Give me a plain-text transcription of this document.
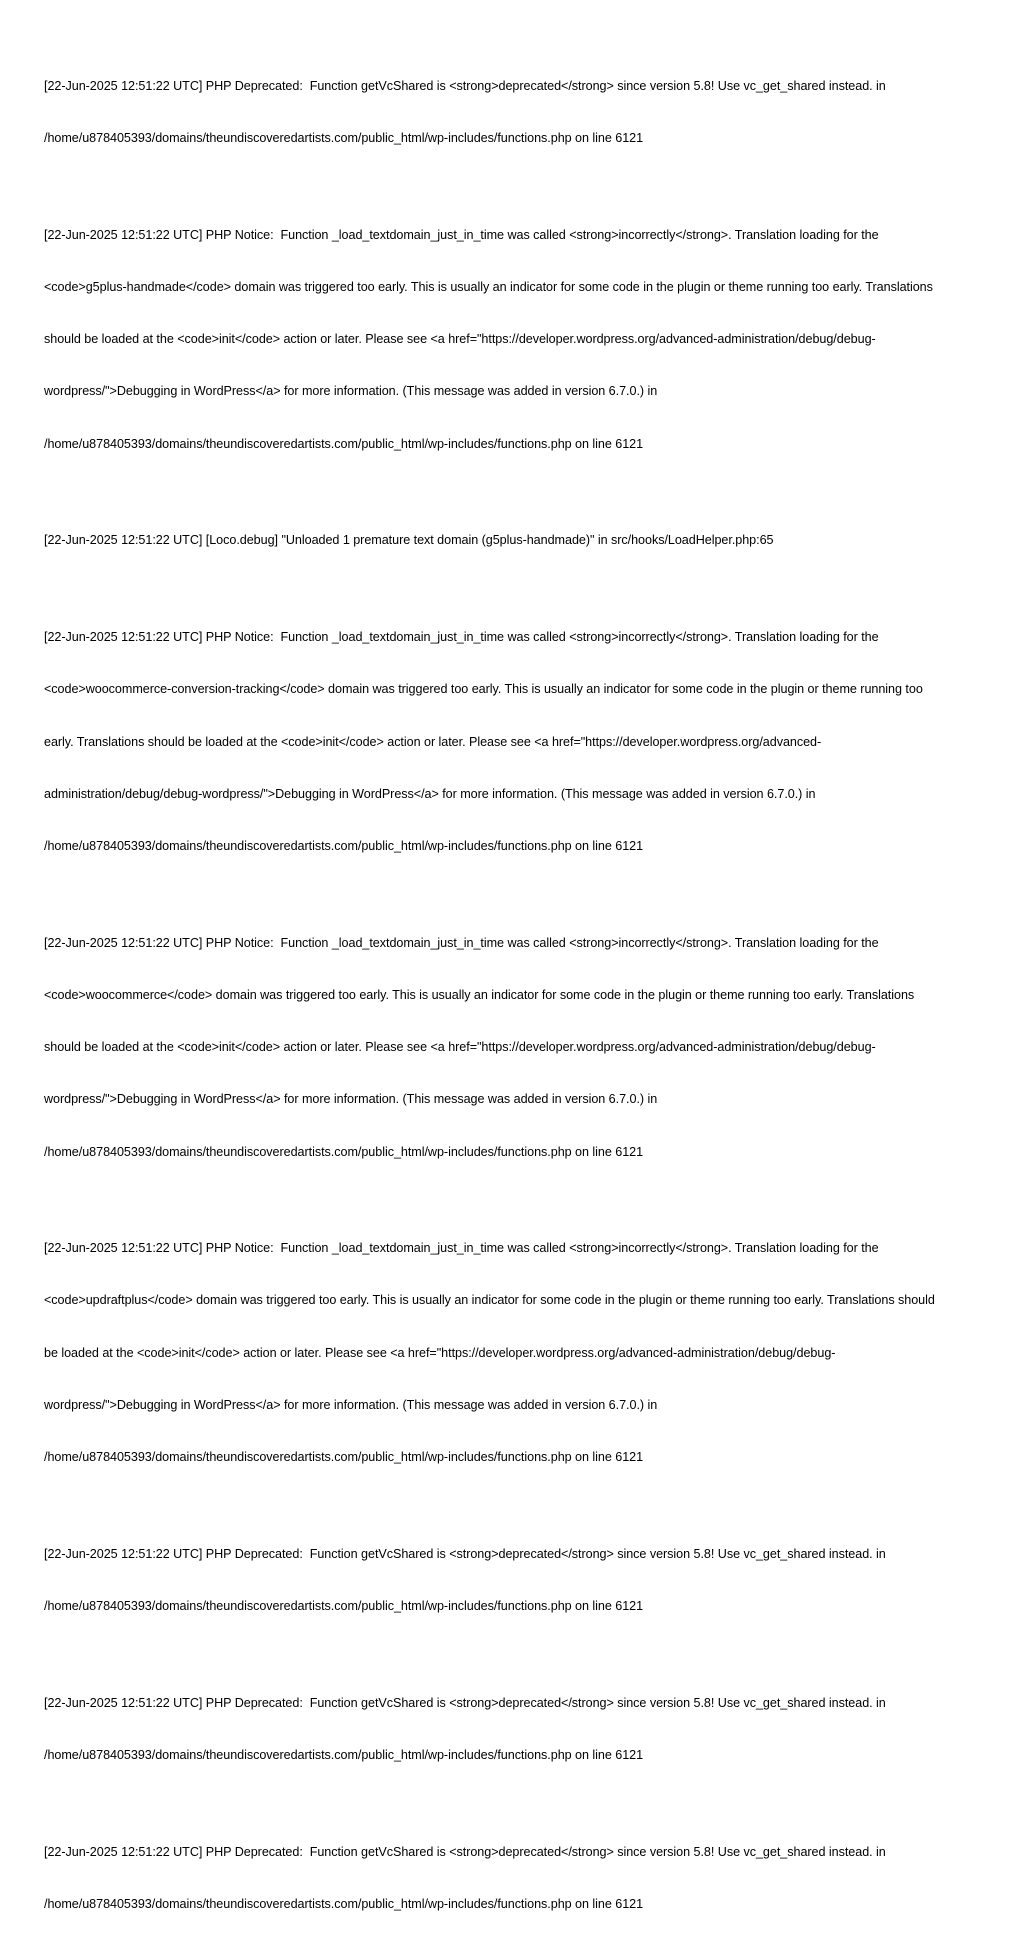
[22-Jun-2025 12:51:22 UTC] PHP Deprecated:  Function getVcShared is <strong>deprecated</strong> since version 5.8! Use vc_get_shared instead. in

/home/u878405393/domains/theundiscoveredartists.com/public_html/wp-includes/functions.php on line 6121

[22-Jun-2025 12:51:22 UTC] PHP Notice:  Function _load_textdomain_just_in_time was called <strong>incorrectly</strong>. Translation loading for the

<code>g5plus-handmade</code> domain was triggered too early. This is usually an indicator for some code in the plugin or theme running too early. Translations

should be loaded at the <code>init</code> action or later. Please see <a href="https://developer.wordpress.org/advanced-administration/debug/debug-

wordpress/">Debugging in WordPress</a> for more information. (This message was added in version 6.7.0.) in

/home/u878405393/domains/theundiscoveredartists.com/public_html/wp-includes/functions.php on line 6121

[22-Jun-2025 12:51:22 UTC] [Loco.debug] "Unloaded 1 premature text domain (g5plus-handmade)" in src/hooks/LoadHelper.php:65

[22-Jun-2025 12:51:22 UTC] PHP Notice:  Function _load_textdomain_just_in_time was called <strong>incorrectly</strong>. Translation loading for the

<code>woocommerce-conversion-tracking</code> domain was triggered too early. This is usually an indicator for some code in the plugin or theme running too

early. Translations should be loaded at the <code>init</code> action or later. Please see <a href="https://developer.wordpress.org/advanced-

administration/debug/debug-wordpress/">Debugging in WordPress</a> for more information. (This message was added in version 6.7.0.) in

/home/u878405393/domains/theundiscoveredartists.com/public_html/wp-includes/functions.php on line 6121

[22-Jun-2025 12:51:22 UTC] PHP Notice:  Function _load_textdomain_just_in_time was called <strong>incorrectly</strong>. Translation loading for the

<code>woocommerce</code> domain was triggered too early. This is usually an indicator for some code in the plugin or theme running too early. Translations

should be loaded at the <code>init</code> action or later. Please see <a href="https://developer.wordpress.org/advanced-administration/debug/debug-

wordpress/">Debugging in WordPress</a> for more information. (This message was added in version 6.7.0.) in

/home/u878405393/domains/theundiscoveredartists.com/public_html/wp-includes/functions.php on line 6121

[22-Jun-2025 12:51:22 UTC] PHP Notice:  Function _load_textdomain_just_in_time was called <strong>incorrectly</strong>. Translation loading for the

<code>updraftplus</code> domain was triggered too early. This is usually an indicator for some code in the plugin or theme running too early. Translations should

be loaded at the <code>init</code> action or later. Please see <a href="https://developer.wordpress.org/advanced-administration/debug/debug-

wordpress/">Debugging in WordPress</a> for more information. (This message was added in version 6.7.0.) in

/home/u878405393/domains/theundiscoveredartists.com/public_html/wp-includes/functions.php on line 6121

[22-Jun-2025 12:51:22 UTC] PHP Deprecated:  Function getVcShared is <strong>deprecated</strong> since version 5.8! Use vc_get_shared instead. in

/home/u878405393/domains/theundiscoveredartists.com/public_html/wp-includes/functions.php on line 6121

[22-Jun-2025 12:51:22 UTC] PHP Deprecated:  Function getVcShared is <strong>deprecated</strong> since version 5.8! Use vc_get_shared instead. in

/home/u878405393/domains/theundiscoveredartists.com/public_html/wp-includes/functions.php on line 6121

[22-Jun-2025 12:51:22 UTC] PHP Deprecated:  Function getVcShared is <strong>deprecated</strong> since version 5.8! Use vc_get_shared instead. in

/home/u878405393/domains/theundiscoveredartists.com/public_html/wp-includes/functions.php on line 6121
